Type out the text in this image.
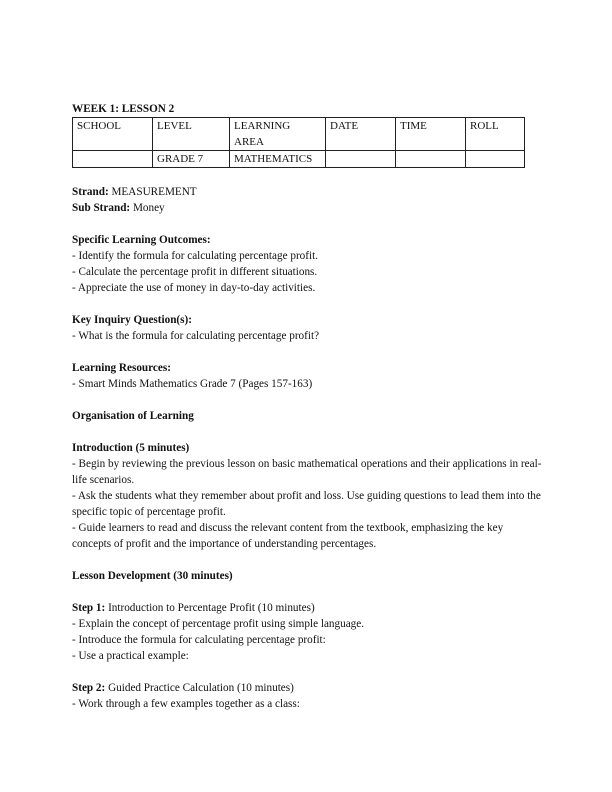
WEEK 1: LESSON 2

SCHOOL	LEVEL	LEARNING AREA	DATE	TIME	ROLL
	GRADE 7	MATHEMATICS			

Strand: MEASUREMENT

Sub Strand: Money

Specific Learning Outcomes:

- Identify the formula for calculating percentage profit.

- Calculate the percentage profit in different situations.

- Appreciate the use of money in day-to-day activities.

Key Inquiry Question(s):

- What is the formula for calculating percentage profit?

Learning Resources:

- Smart Minds Mathematics Grade 7 (Pages 157-163)

Organisation of Learning

Introduction (5 minutes)

- Begin by reviewing the previous lesson on basic mathematical operations and their applications in real-life scenarios.

- Ask the students what they remember about profit and loss. Use guiding questions to lead them into the specific topic of percentage profit.

- Guide learners to read and discuss the relevant content from the textbook, emphasizing the key concepts of profit and the importance of understanding percentages.

Lesson Development (30 minutes)

Step 1: Introduction to Percentage Profit (10 minutes)

- Explain the concept of percentage profit using simple language.

- Introduce the formula for calculating percentage profit:

- Use a practical example:

Step 2: Guided Practice Calculation (10 minutes)

- Work through a few examples together as a class:
